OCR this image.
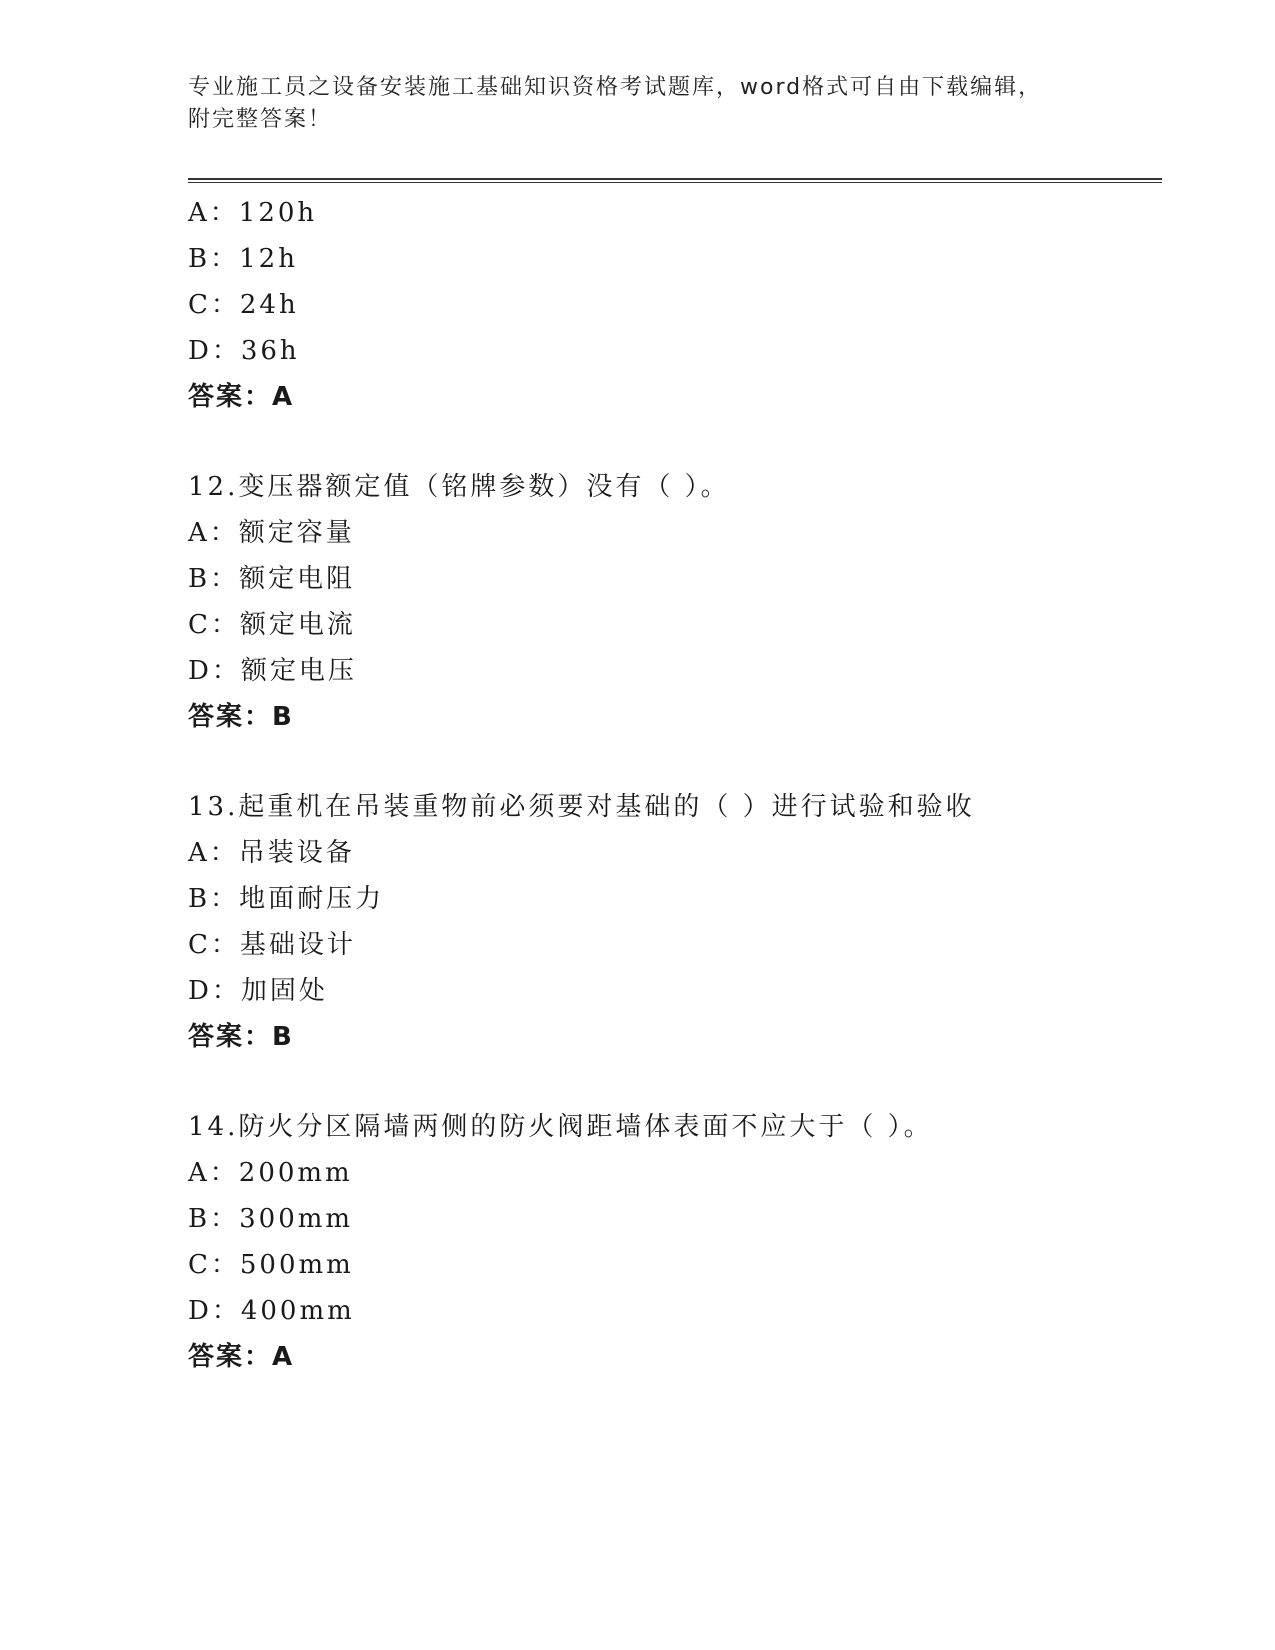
专业施工员之设备安装施工基础知识资格考试题库，word格式可自由下载编辑，
附完整答案！
A：120h
B：12h
C：24h
D：36h
答案：A
12.变压器额定值（铭牌参数）没有（ ）。
A：额定容量
B：额定电阻
C：额定电流
D：额定电压
答案：B
13.起重机在吊装重物前必须要对基础的（ ）进行试验和验收
A：吊装设备
B：地面耐压力
C：基础设计
D：加固处
答案：B
14.防火分区隔墙两侧的防火阀距墙体表面不应大于（ ）。
A：200mm
B：300mm
C：500mm
D：400mm
答案：A
